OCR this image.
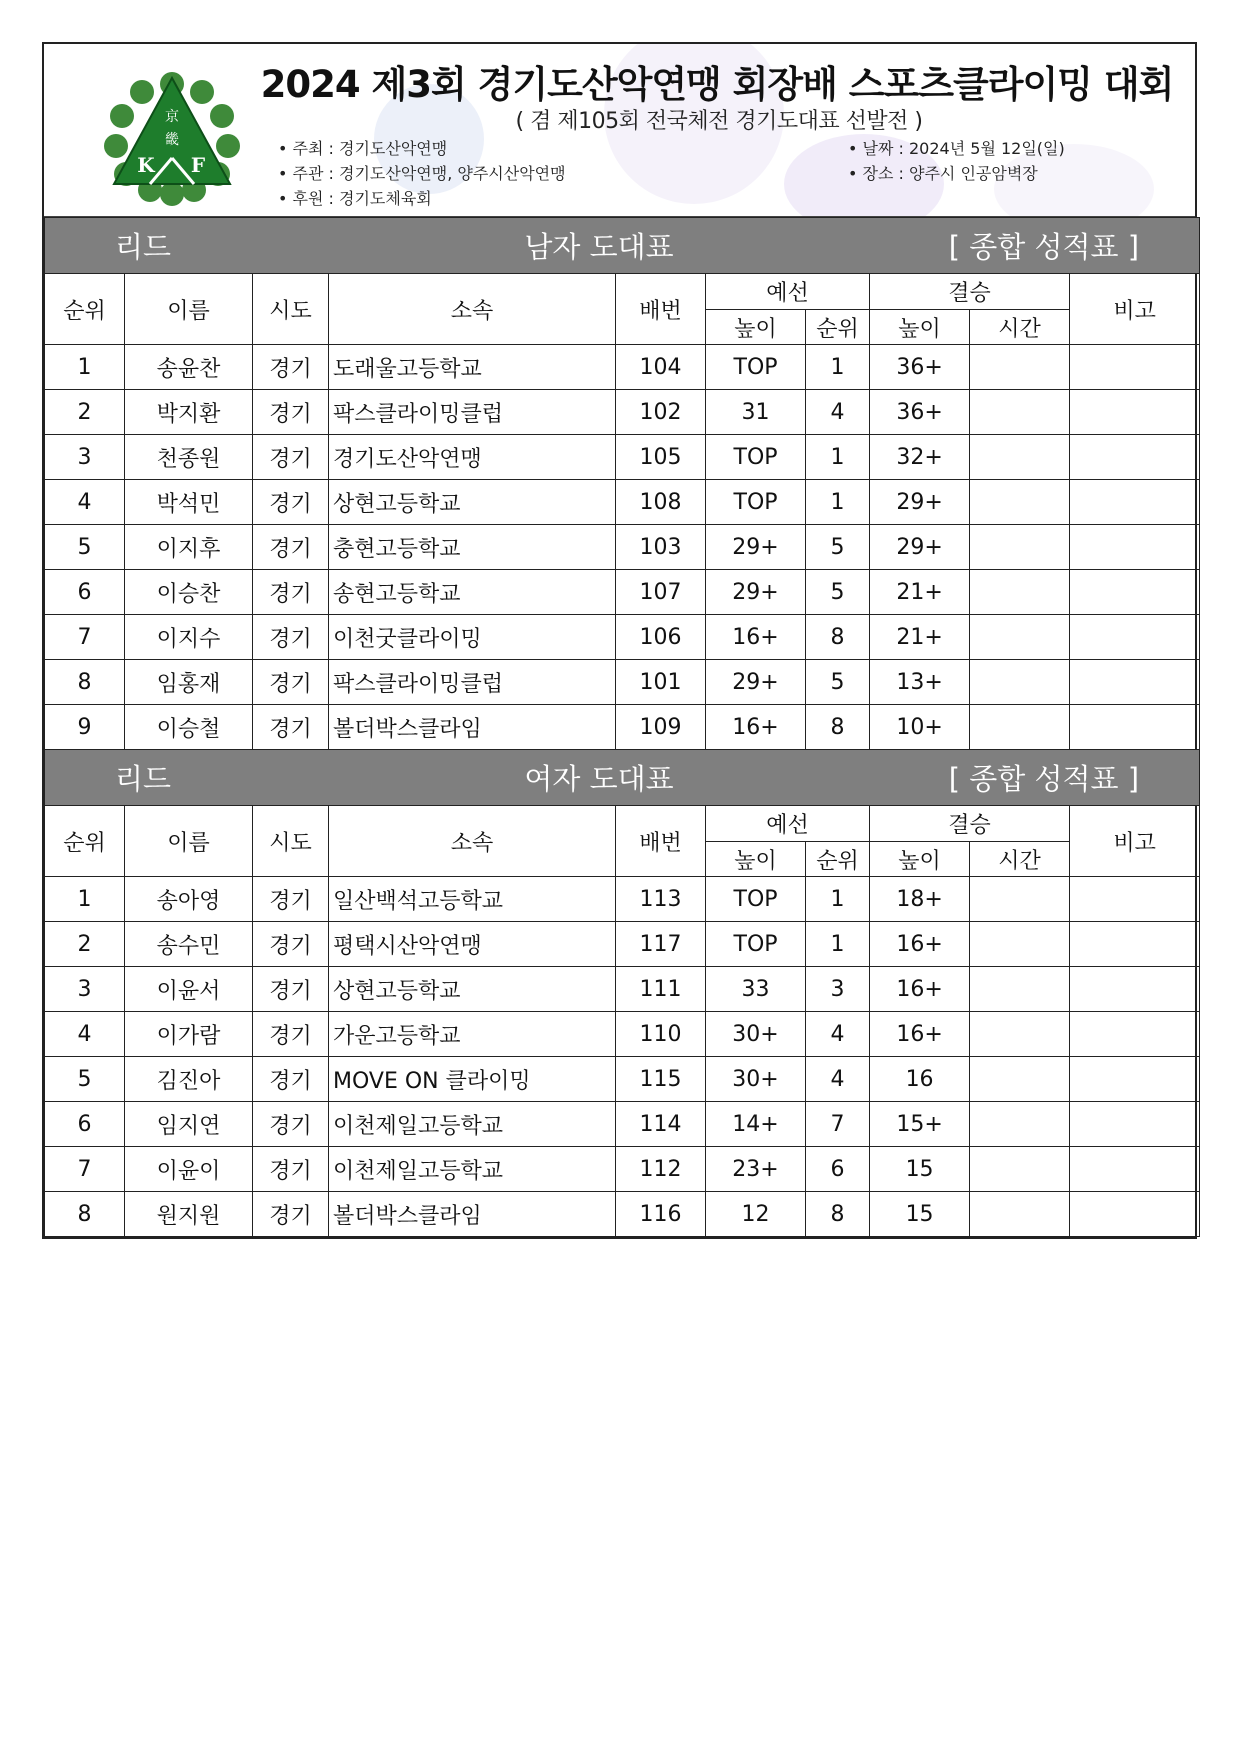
京
畿
K F
2024 제3회 경기도산악연맹 회장배 스포츠클라이밍 대회
( 겸 제105회 전국체전 경기도대표 선발전 )
• 주최 : 경기도산악연맹
• 주관 : 경기도산악연맹, 양주시산악연맹
• 후원 : 경기도체육회
• 날짜 : 2024년 5월 12일(일)
• 장소 : 양주시 인공암벽장
리드			남자 도대표				[ 종합 성적표 ]		
순위	이름	시도	소속	배번	예선		결승		비고
					높이	순위	높이	시간	
1	송윤찬	경기	도래울고등학교	104	TOP	1	36+		
2	박지환	경기	팍스클라이밍클럽	102	31	4	36+		
3	천종원	경기	경기도산악연맹	105	TOP	1	32+		
4	박석민	경기	상현고등학교	108	TOP	1	29+		
5	이지후	경기	충현고등학교	103	29+	5	29+		
6	이승찬	경기	송현고등학교	107	29+	5	21+		
7	이지수	경기	이천굿클라이밍	106	16+	8	21+		
8	임홍재	경기	팍스클라이밍클럽	101	29+	5	13+		
9	이승철	경기	볼더박스클라임	109	16+	8	10+		
리드			여자 도대표				[ 종합 성적표 ]		
순위	이름	시도	소속	배번	예선		결승		비고
					높이	순위	높이	시간	
1	송아영	경기	일산백석고등학교	113	TOP	1	18+		
2	송수민	경기	평택시산악연맹	117	TOP	1	16+		
3	이윤서	경기	상현고등학교	111	33	3	16+		
4	이가람	경기	가운고등학교	110	30+	4	16+		
5	김진아	경기	MOVE ON 클라이밍	115	30+	4	16		
6	임지연	경기	이천제일고등학교	114	14+	7	15+		
7	이윤이	경기	이천제일고등학교	112	23+	6	15		
8	원지원	경기	볼더박스클라임	116	12	8	15		
